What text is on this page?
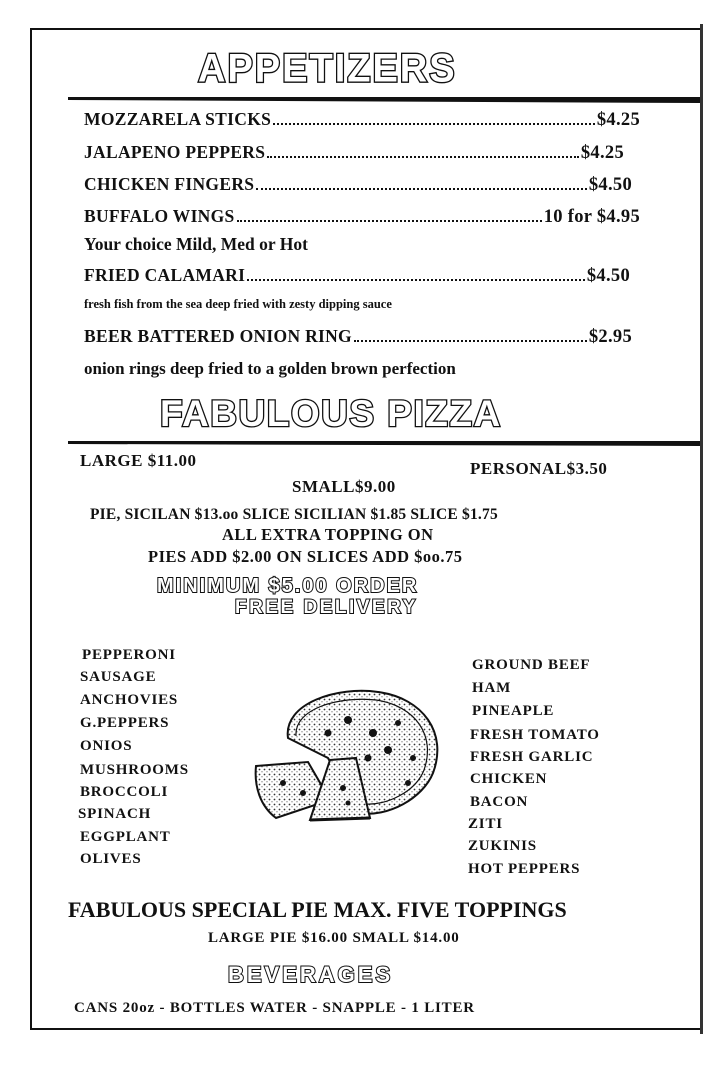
APPETIZERS
MOZZARELA STICKS	$4.25
JALAPENO PEPPERS	$4.25
CHICKEN FINGERS	$4.50
BUFFALO WINGS	10 for $4.95
Your choice Mild, Med or Hot
FRIED CALAMARI	$4.50
fresh fish from the sea deep fried with zesty dipping sauce
BEER BATTERED ONION RING	$2.95
onion rings deep fried to a golden brown perfection
FABULOUS PIZZA
LARGE $11.00	PERSONAL$3.50
SMALL$9.00
PIE, SICILAN $13.oo SLICE SICILIAN $1.85 SLICE $1.75
ALL EXTRA TOPPING ON
PIES ADD $2.00 ON SLICES ADD $oo.75
MINIMUM $5.00 ORDER
FREE DELIVERY
PEPPERONI
SAUSAGE
ANCHOVIES
G.PEPPERS
ONIOS
MUSHROOMS
BROCCOLI
SPINACH
EGGPLANT
OLIVES
GROUND BEEF
HAM
PINEAPLE
FRESH TOMATO
FRESH GARLIC
CHICKEN
BACON
ZITI
ZUKINIS
HOT PEPPERS
FABULOUS SPECIAL PIE MAX. FIVE TOPPINGS
LARGE PIE $16.00 SMALL $14.00
BEVERAGES
CANS 20oz - BOTTLES WATER - SNAPPLE - 1 LITER
